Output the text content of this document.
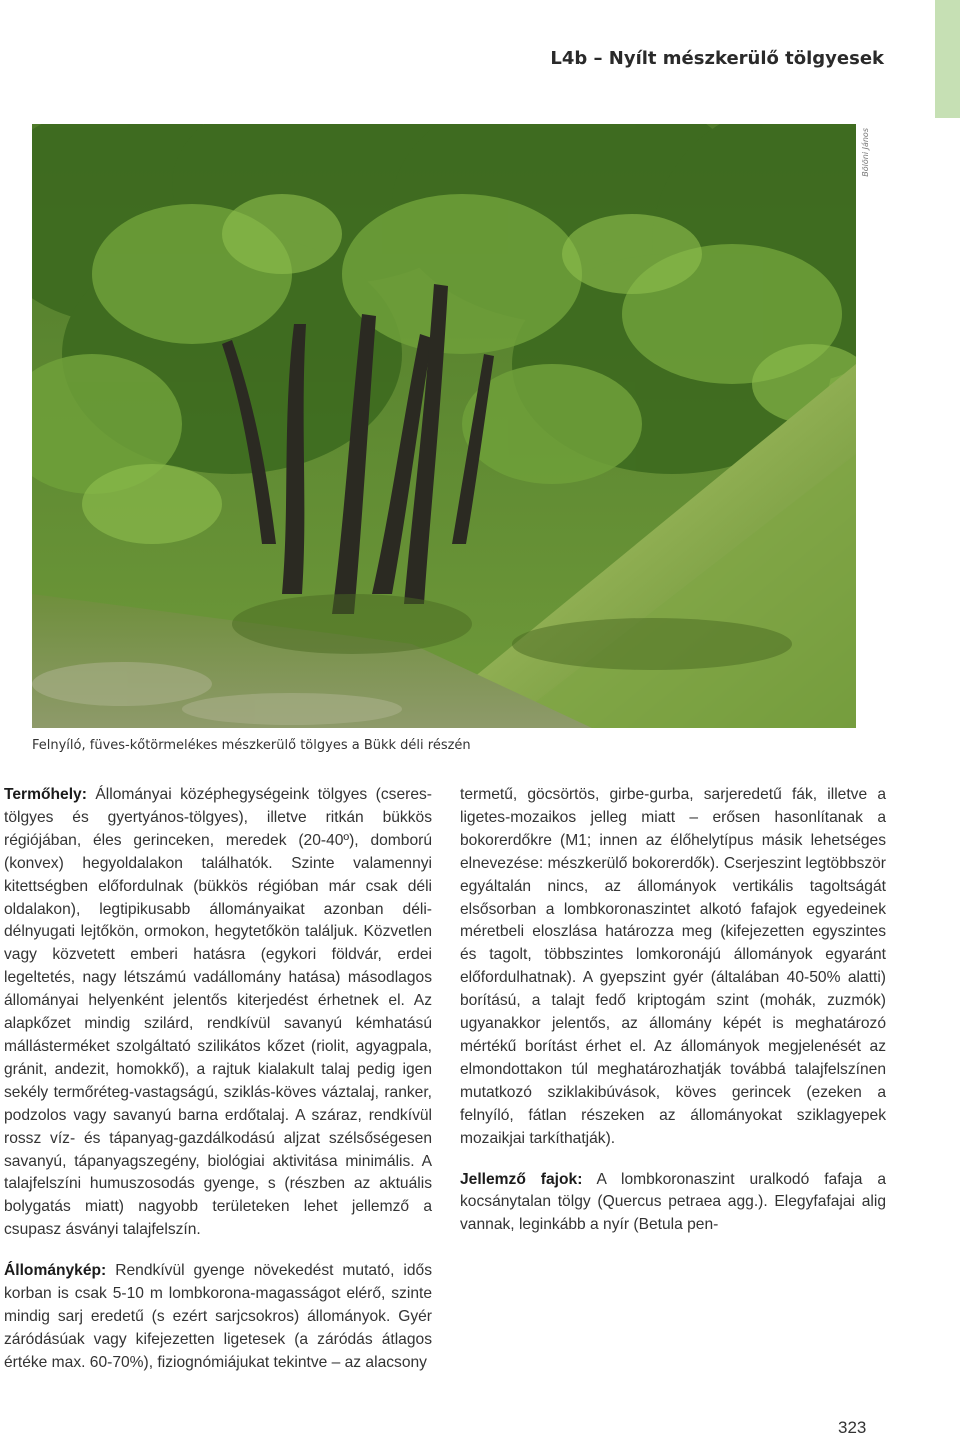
L4b – Nyílt mészkerülő tölgyesek
Bölöni János
Felnyíló, füves-kőtörmelékes mészkerülő tölgyes a Bükk déli részén

Termőhely: Állományai középhegységeink tölgyes (cseres-tölgyes és gyertyános-tölgyes), illetve ritkán bükkös régiójában, éles gerinceken, meredek (20-40º), domború (konvex) hegyoldalakon találhatók. Szinte valamennyi kitettségben előfordulnak (bükkös régióban már csak déli oldalakon), legtipikusabb állományaikat azonban déli-délnyugati lejtőkön, ormokon, hegytetőkön találjuk. Közvetlen vagy közvetett emberi hatásra (egykori földvár, erdei legeltetés, nagy létszámú vadállomány hatása) másodlagos állományai helyenként jelentős kiterjedést érhetnek el. Az alapkőzet mindig szilárd, rendkívül savanyú kémhatású mállásterméket szolgáltató szilikátos kőzet (riolit, agyagpala, gránit, andezit, homokkő), a rajtuk kialakult talaj pedig igen sekély termőréteg-vastagságú, sziklás-köves váztalaj, ranker, podzolos vagy savanyú barna erdőtalaj. A száraz, rendkívül rossz víz- és tápanyag-gazdálkodású aljzat szélsőségesen savanyú, tápanyagszegény, biológiai aktivitása minimális. A talajfelszíni humuszosodás gyenge, s (részben az aktuális bolygatás miatt) nagyobb területeken lehet jellemző a csupasz ásványi talajfelszín.

Állománykép: Rendkívül gyenge növekedést mutató, idős korban is csak 5-10 m lombkorona-magasságot elérő, szinte mindig sarj eredetű (s ezért sarjcsokros) állományok. Gyér záródásúak vagy kifejezetten ligetesek (a záródás átlagos értéke max. 60-70%), fiziognómiájukat tekintve – az alacsony

termetű, göcsörtös, girbe-gurba, sarjeredetű fák, illetve a ligetes-mozaikos jelleg miatt – erősen hasonlítanak a bokorerdőkre (M1; innen az élőhelytípus másik lehetséges elnevezése: mészkerülő bokorerdők). Cserjeszint legtöbbször egyáltalán nincs, az állományok vertikális tagoltságát elsősorban a lombkoronaszintet alkotó fafajok egyedeinek méretbeli eloszlása határozza meg (kifejezetten egyszintes és tagolt, többszintes lomkoronájú állományok egyaránt előfordulhatnak). A gyepszint gyér (általában 40-50% alatti) borítású, a talajt fedő kriptogám szint (mohák, zuzmók) ugyanakkor jelentős, az állomány képét is meghatározó mértékű borítást érhet el. Az állományok megjelenését az elmondottakon túl meghatározhatják továbbá talajfelszínen mutatkozó sziklakibúvások, köves gerincek (ezeken a felnyíló, fátlan részeken az állományokat sziklagyepek mozaikjai tarkíthatják).

Jellemző fajok: A lombkoronaszint uralkodó fafaja a kocsánytalan tölgy (Quercus petraea agg.). Elegyfafajai alig vannak, leginkább a nyír (Betula pen-

323
